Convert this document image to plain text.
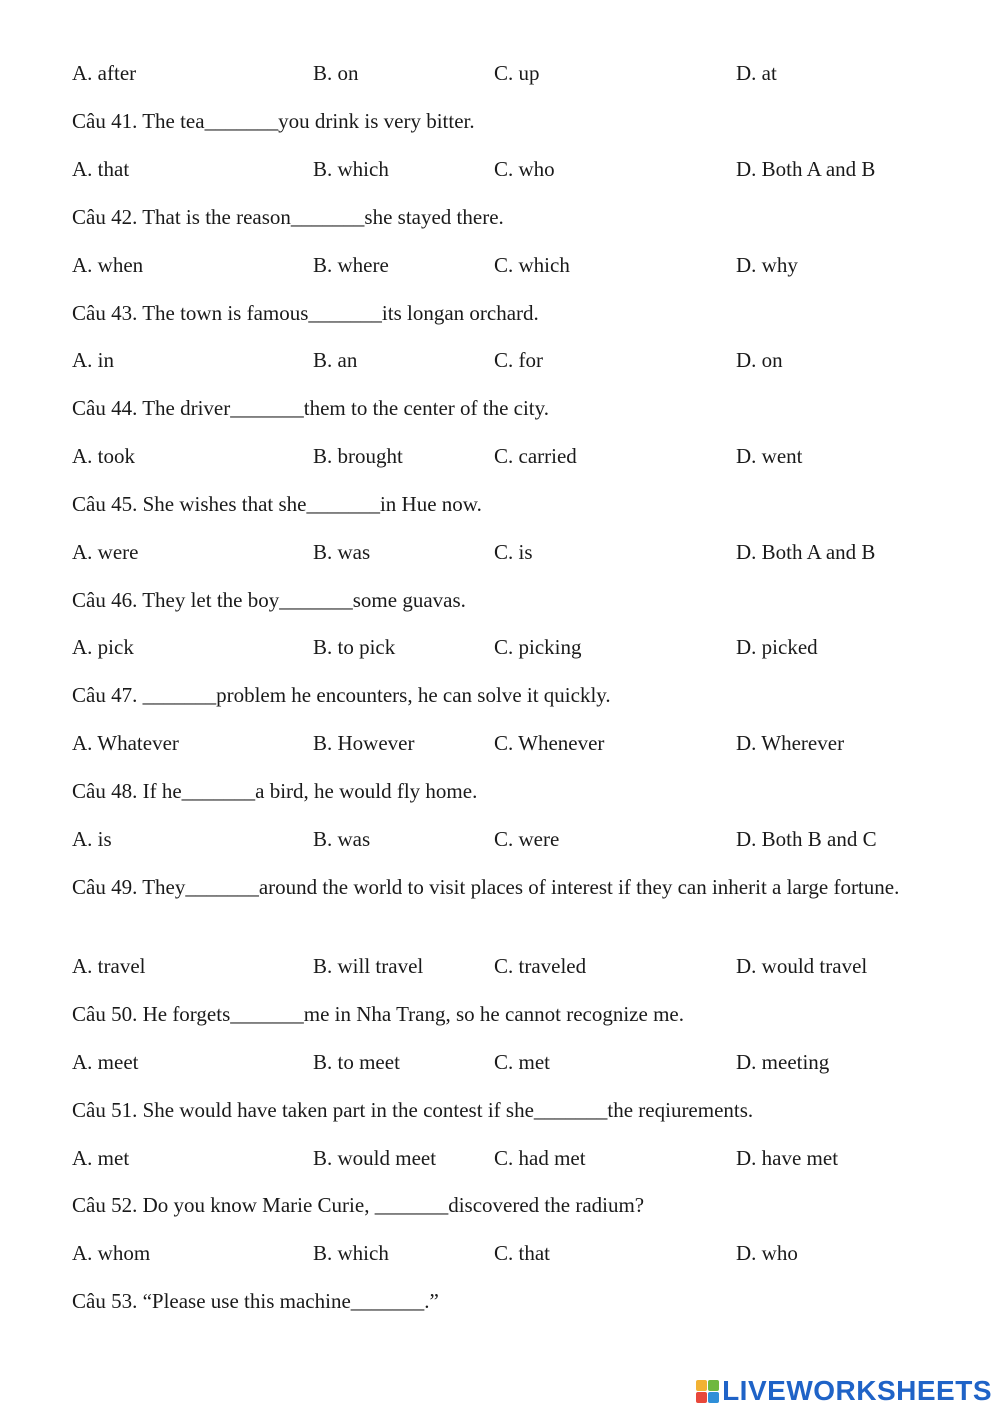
A. after	B. on	C. up	D. at
Câu 41. The tea_______you drink is very bitter.
A. that	B. which	C. who	D. Both A and B
Câu 42. That is the reason_______she stayed there.
A. when	B. where	C. which	D. why
Câu 43. The town is famous_______its longan orchard.
A. in	B. an	C. for	D. on
Câu 44. The driver_______them to the center of the city.
A. took	B. brought	C. carried	D. went
Câu 45. She wishes that she_______in Hue now.
A. were	B. was	C. is	D. Both A and B
Câu 46. They let the boy_______some guavas.
A. pick	B. to pick	C. picking	D. picked
Câu 47. _______problem he encounters, he can solve it quickly.
A. Whatever	B. However	C. Whenever	D. Wherever
Câu 48. If he_______a bird, he would fly home.
A. is	B. was	C. were	D. Both B and C
Câu 49. They_______around the world to visit places of interest if they can inherit a large fortune.
A. travel	B. will travel	C. traveled	D. would travel
Câu 50. He forgets_______me in Nha Trang, so he cannot recognize me.
A. meet	B. to meet	C. met	D. meeting
Câu 51. She would have taken part in the contest if she_______the reqiurements.
A. met	B. would meet	C. had met	D. have met
Câu 52. Do you know Marie Curie, _______discovered the radium?
A. whom	B. which	C. that	D. who
Câu 53. “Please use this machine_______.”
LIVEWORKSHEETS
